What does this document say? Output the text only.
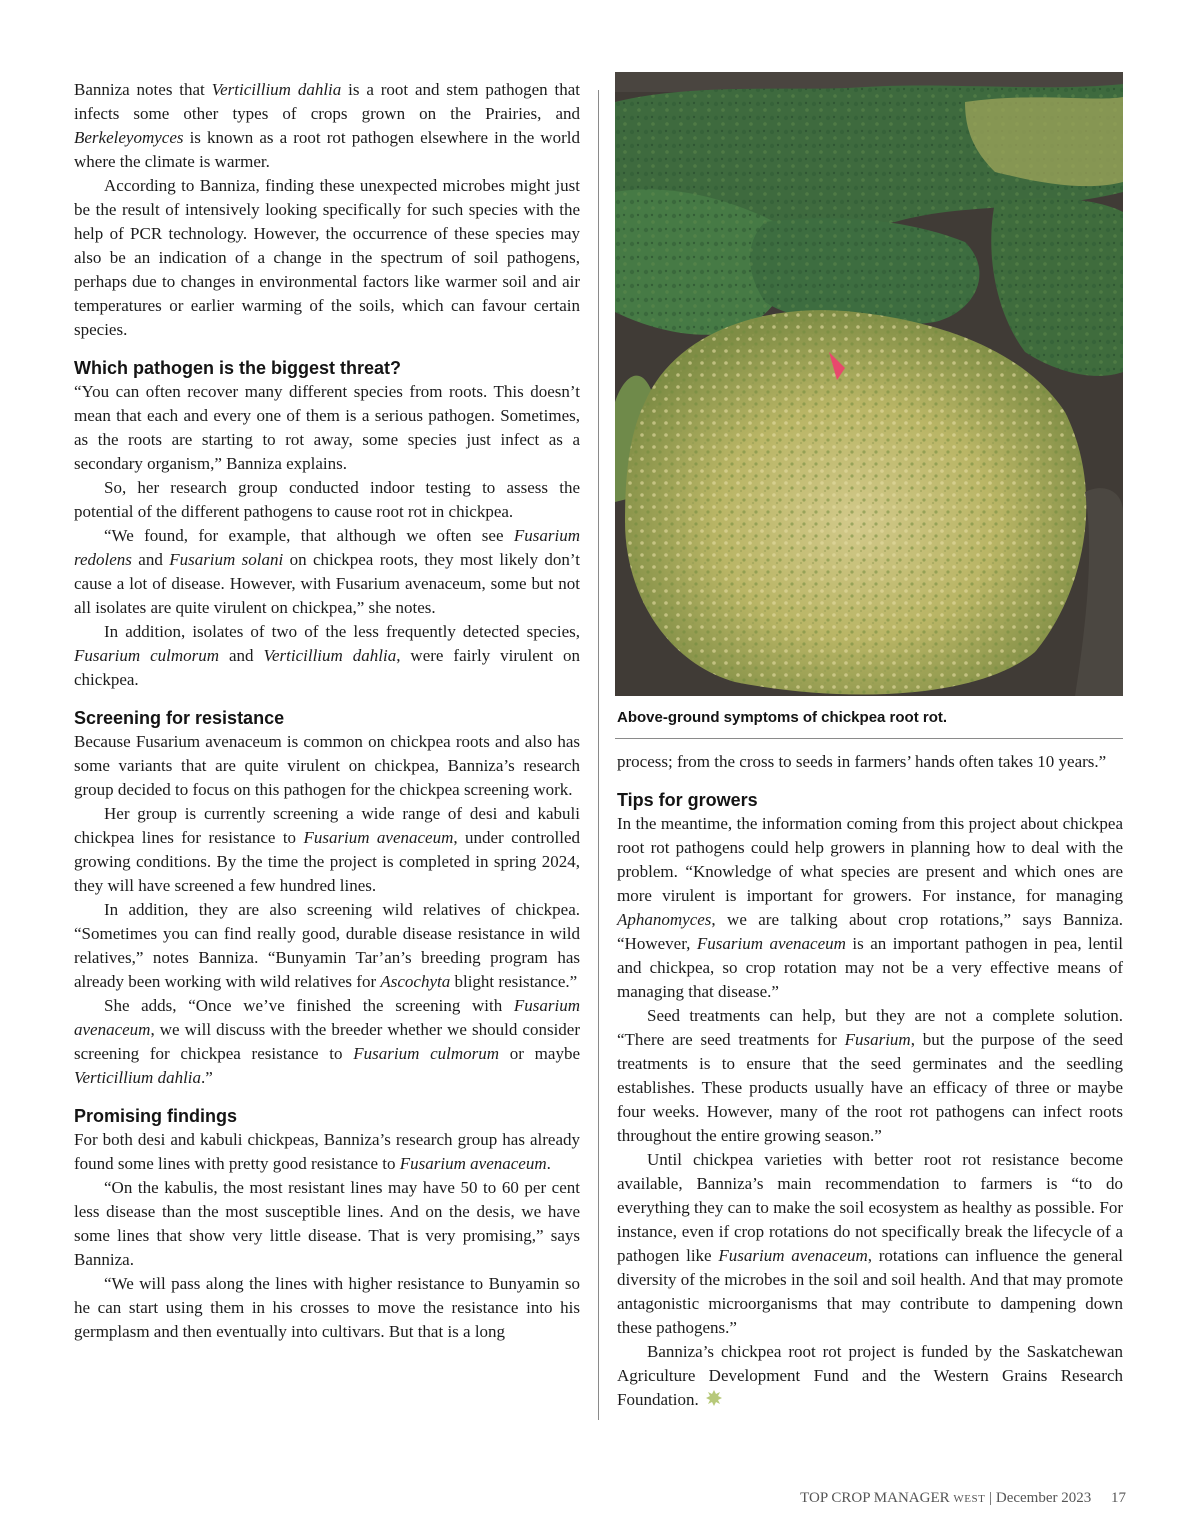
Banniza notes that Verticillium dahlia is a root and stem pathogen that infects some other types of crops grown on the Prairies, and Berkeleyomyces is known as a root rot pathogen elsewhere in the world where the climate is warmer.

According to Banniza, finding these unexpected microbes might just be the result of intensively looking specifically for such species with the help of PCR technology. However, the occurrence of these species may also be an indication of a change in the spectrum of soil pathogens, perhaps due to changes in environmental factors like warmer soil and air temperatures or earlier warming of the soils, which can favour certain species.

Which pathogen is the biggest threat?

“You can often recover many different species from roots. This doesn’t mean that each and every one of them is a serious pathogen. Sometimes, as the roots are starting to rot away, some species just infect as a secondary organism,” Banniza explains.

So, her research group conducted indoor testing to assess the potential of the different pathogens to cause root rot in chickpea.

“We found, for example, that although we often see Fusarium redolens and Fusarium solani on chickpea roots, they most likely don’t cause a lot of disease. However, with Fusarium avenaceum, some but not all isolates are quite virulent on chickpea,” she notes.

In addition, isolates of two of the less frequently detected species, Fusarium culmorum and Verticillium dahlia, were fairly virulent on chickpea.

Screening for resistance

Because Fusarium avenaceum is common on chickpea roots and also has some variants that are quite virulent on chickpea, Banniza’s research group decided to focus on this pathogen for the chickpea screening work.

Her group is currently screening a wide range of desi and kabuli chickpea lines for resistance to Fusarium avenaceum, under controlled growing conditions. By the time the project is completed in spring 2024, they will have screened a few hundred lines.

In addition, they are also screening wild relatives of chickpea. “Sometimes you can find really good, durable disease resistance in wild relatives,” notes Banniza. “Bunyamin Tar’an’s breeding program has already been working with wild relatives for Ascochyta blight resistance.”

She adds, “Once we’ve finished the screening with Fusarium avenaceum, we will discuss with the breeder whether we should consider screening for chickpea resistance to Fusarium culmorum or maybe Verticillium dahlia.”

Promising findings

For both desi and kabuli chickpeas, Banniza’s research group has already found some lines with pretty good resistance to Fusarium avenaceum.

“On the kabulis, the most resistant lines may have 50 to 60 per cent less disease than the most susceptible lines. And on the desis, we have some lines that show very little disease. That is very promising,” says Banniza.

“We will pass along the lines with higher resistance to Bunyamin so he can start using them in his crosses to move the resistance into his germplasm and then eventually into cultivars. But that is a long

Above-ground symptoms of chickpea root rot.

process; from the cross to seeds in farmers’ hands often takes 10 years.”

Tips for growers

In the meantime, the information coming from this project about chickpea root rot pathogens could help growers in planning how to deal with the problem. “Knowledge of what species are present and which ones are more virulent is important for growers. For instance, for managing Aphanomyces, we are talking about crop rotations,” says Banniza. “However, Fusarium avenaceum is an important pathogen in pea, lentil and chickpea, so crop rotation may not be a very effective means of managing that disease.”

Seed treatments can help, but they are not a complete solution. “There are seed treatments for Fusarium, but the purpose of the seed treatments is to ensure that the seed germinates and the seedling establishes. These products usually have an efficacy of three or maybe four weeks. However, many of the root rot pathogens can infect roots throughout the entire growing season.”

Until chickpea varieties with better root rot resistance become available, Banniza’s main recommendation to farmers is “to do everything they can to make the soil ecosystem as healthy as possible. For instance, even if crop rotations do not specifically break the lifecycle of a pathogen like Fusarium avenaceum, rotations can influence the general diversity of the microbes in the soil and soil health. And that may promote antagonistic microorganisms that may contribute to dampening down these pathogens.”

Banniza’s chickpea root rot project is funded by the Saskatchewan Agriculture Development Fund and the Western Grains Research Foundation.

TOP CROP MANAGER WEST | December 2023 17
